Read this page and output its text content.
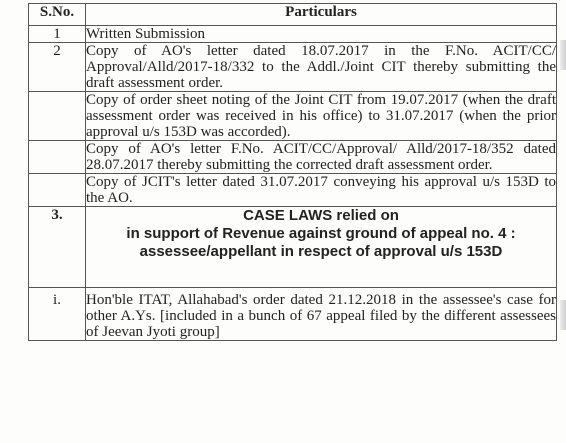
S.No.	Particulars
1	Written Submission
2	Copy of AO's letter dated 18.07.2017 in the F.No. ACIT/CC/ Approval/Alld/2017-18/332 to the Addl./Joint CIT thereby submitting the draft assessment order.
	Copy of order sheet noting of the Joint CIT from 19.07.2017 (when the draft assessment order was received in his office) to 31.07.2017 (when the prior approval u/s 153D was accorded).
	Copy of AO's letter F.No. ACIT/CC/Approval/ Alld/2017-18/352 dated 28.07.2017 thereby submitting the corrected draft assessment order.
	Copy of JCIT's letter dated 31.07.2017 conveying his approval u/s 153D to the AO.
3.	CASE LAWS relied on
in support of Revenue against ground of appeal no. 4 :
assessee/appellant in respect of approval u/s 153D

i.	Hon'ble ITAT, Allahabad's order dated 21.12.2018 in the assessee's case for other A.Ys. [included in a bunch of 67 appeal filed by the different assessees of Jeevan Jyoti group]
